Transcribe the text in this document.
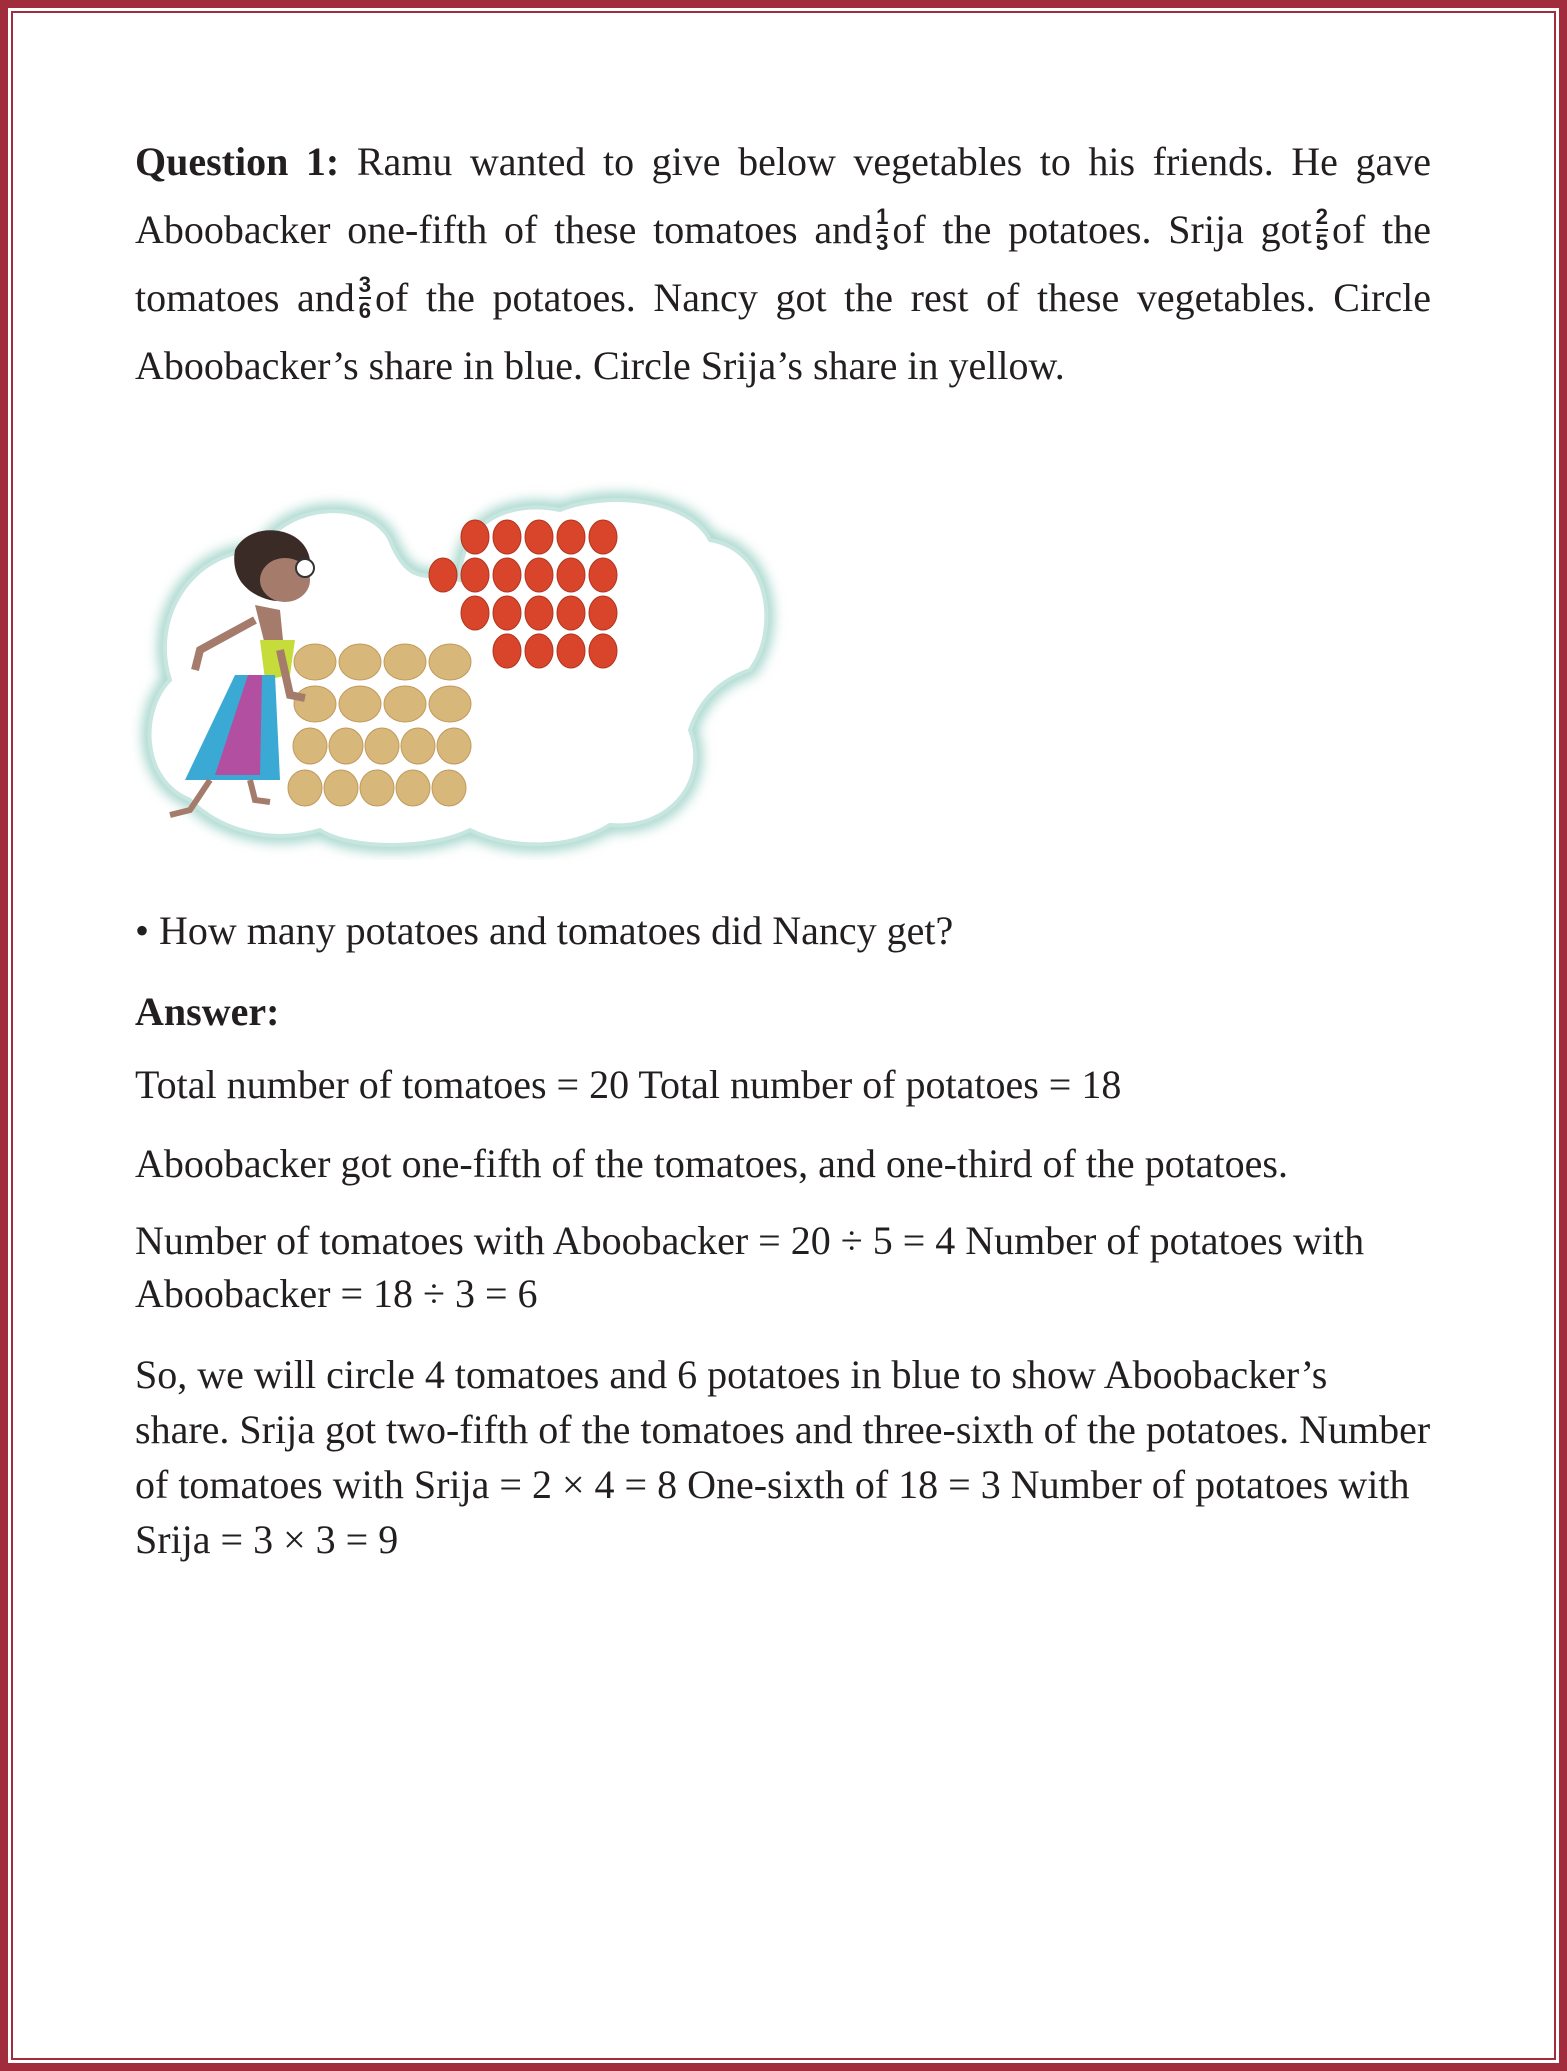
Question 1: Ramu wanted to give below vegetables to his friends. He gave Aboobacker one-fifth of these tomatoes and $\frac{1}{3}$ of the potatoes. Srija got $\frac{2}{5}$ of the tomatoes and $\frac{3}{6}$ of the potatoes. Nancy got the rest of these vegetables. Circle Aboobacker’s share in blue. Circle Srija’s share in yellow.

• How many potatoes and tomatoes did Nancy get?
Answer:
Total number of tomatoes = 20 Total number of potatoes = 18
Aboobacker got one-fifth of the tomatoes, and one-third of the potatoes.
Number of tomatoes with Aboobacker = 20 ÷ 5 = 4 Number of potatoes with Aboobacker = 18 ÷ 3 = 6
So, we will circle 4 tomatoes and 6 potatoes in blue to show Aboobacker’s share. Srija got two-fifth of the tomatoes and three-sixth of the potatoes. Number of tomatoes with Srija = 2 × 4 = 8 One-sixth of 18 = 3 Number of potatoes with Srija = 3 × 3 = 9
